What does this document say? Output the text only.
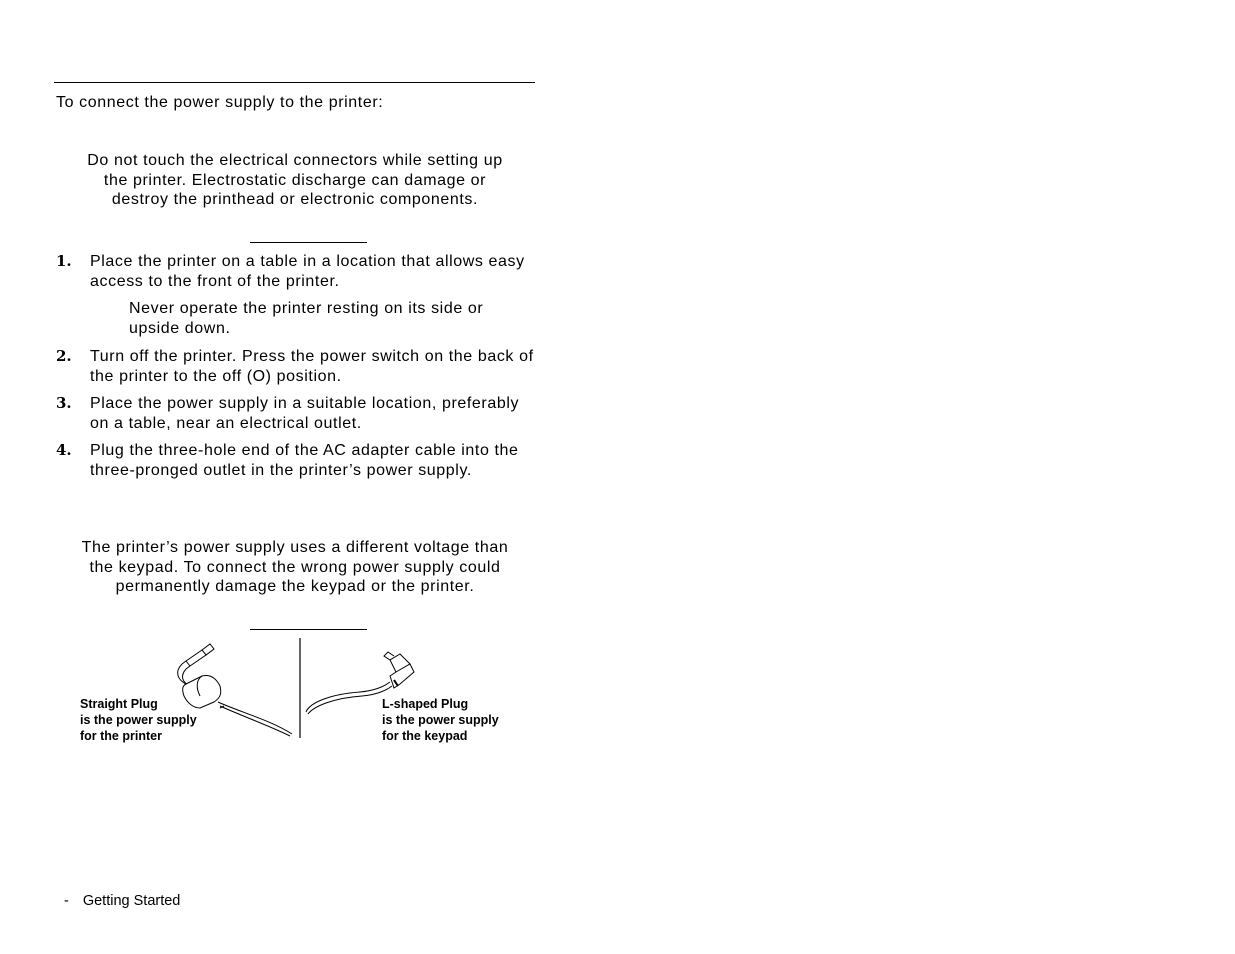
To connect the power supply to the printer:
Do not touch the electrical connectors while setting up the printer. Electrostatic discharge can damage or destroy the printhead or electronic components.
1. Place the printer on a table in a location that allows easy access to the front of the printer.
Never operate the printer resting on its side or upside down.
2. Turn off the printer. Press the power switch on the back of the printer to the off (O) position.
3. Place the power supply in a suitable location, preferably on a table, near an electrical outlet.
4. Plug the three-hole end of the AC adapter cable into the three-pronged outlet in the printer’s power supply.
The printer’s power supply uses a different voltage than the keypad. To connect the wrong power supply could permanently damage the keypad or the printer.
Straight Plug
is the power supply
for the printer
L-shaped Plug
is the power supply
for the keypad
- Getting Started
